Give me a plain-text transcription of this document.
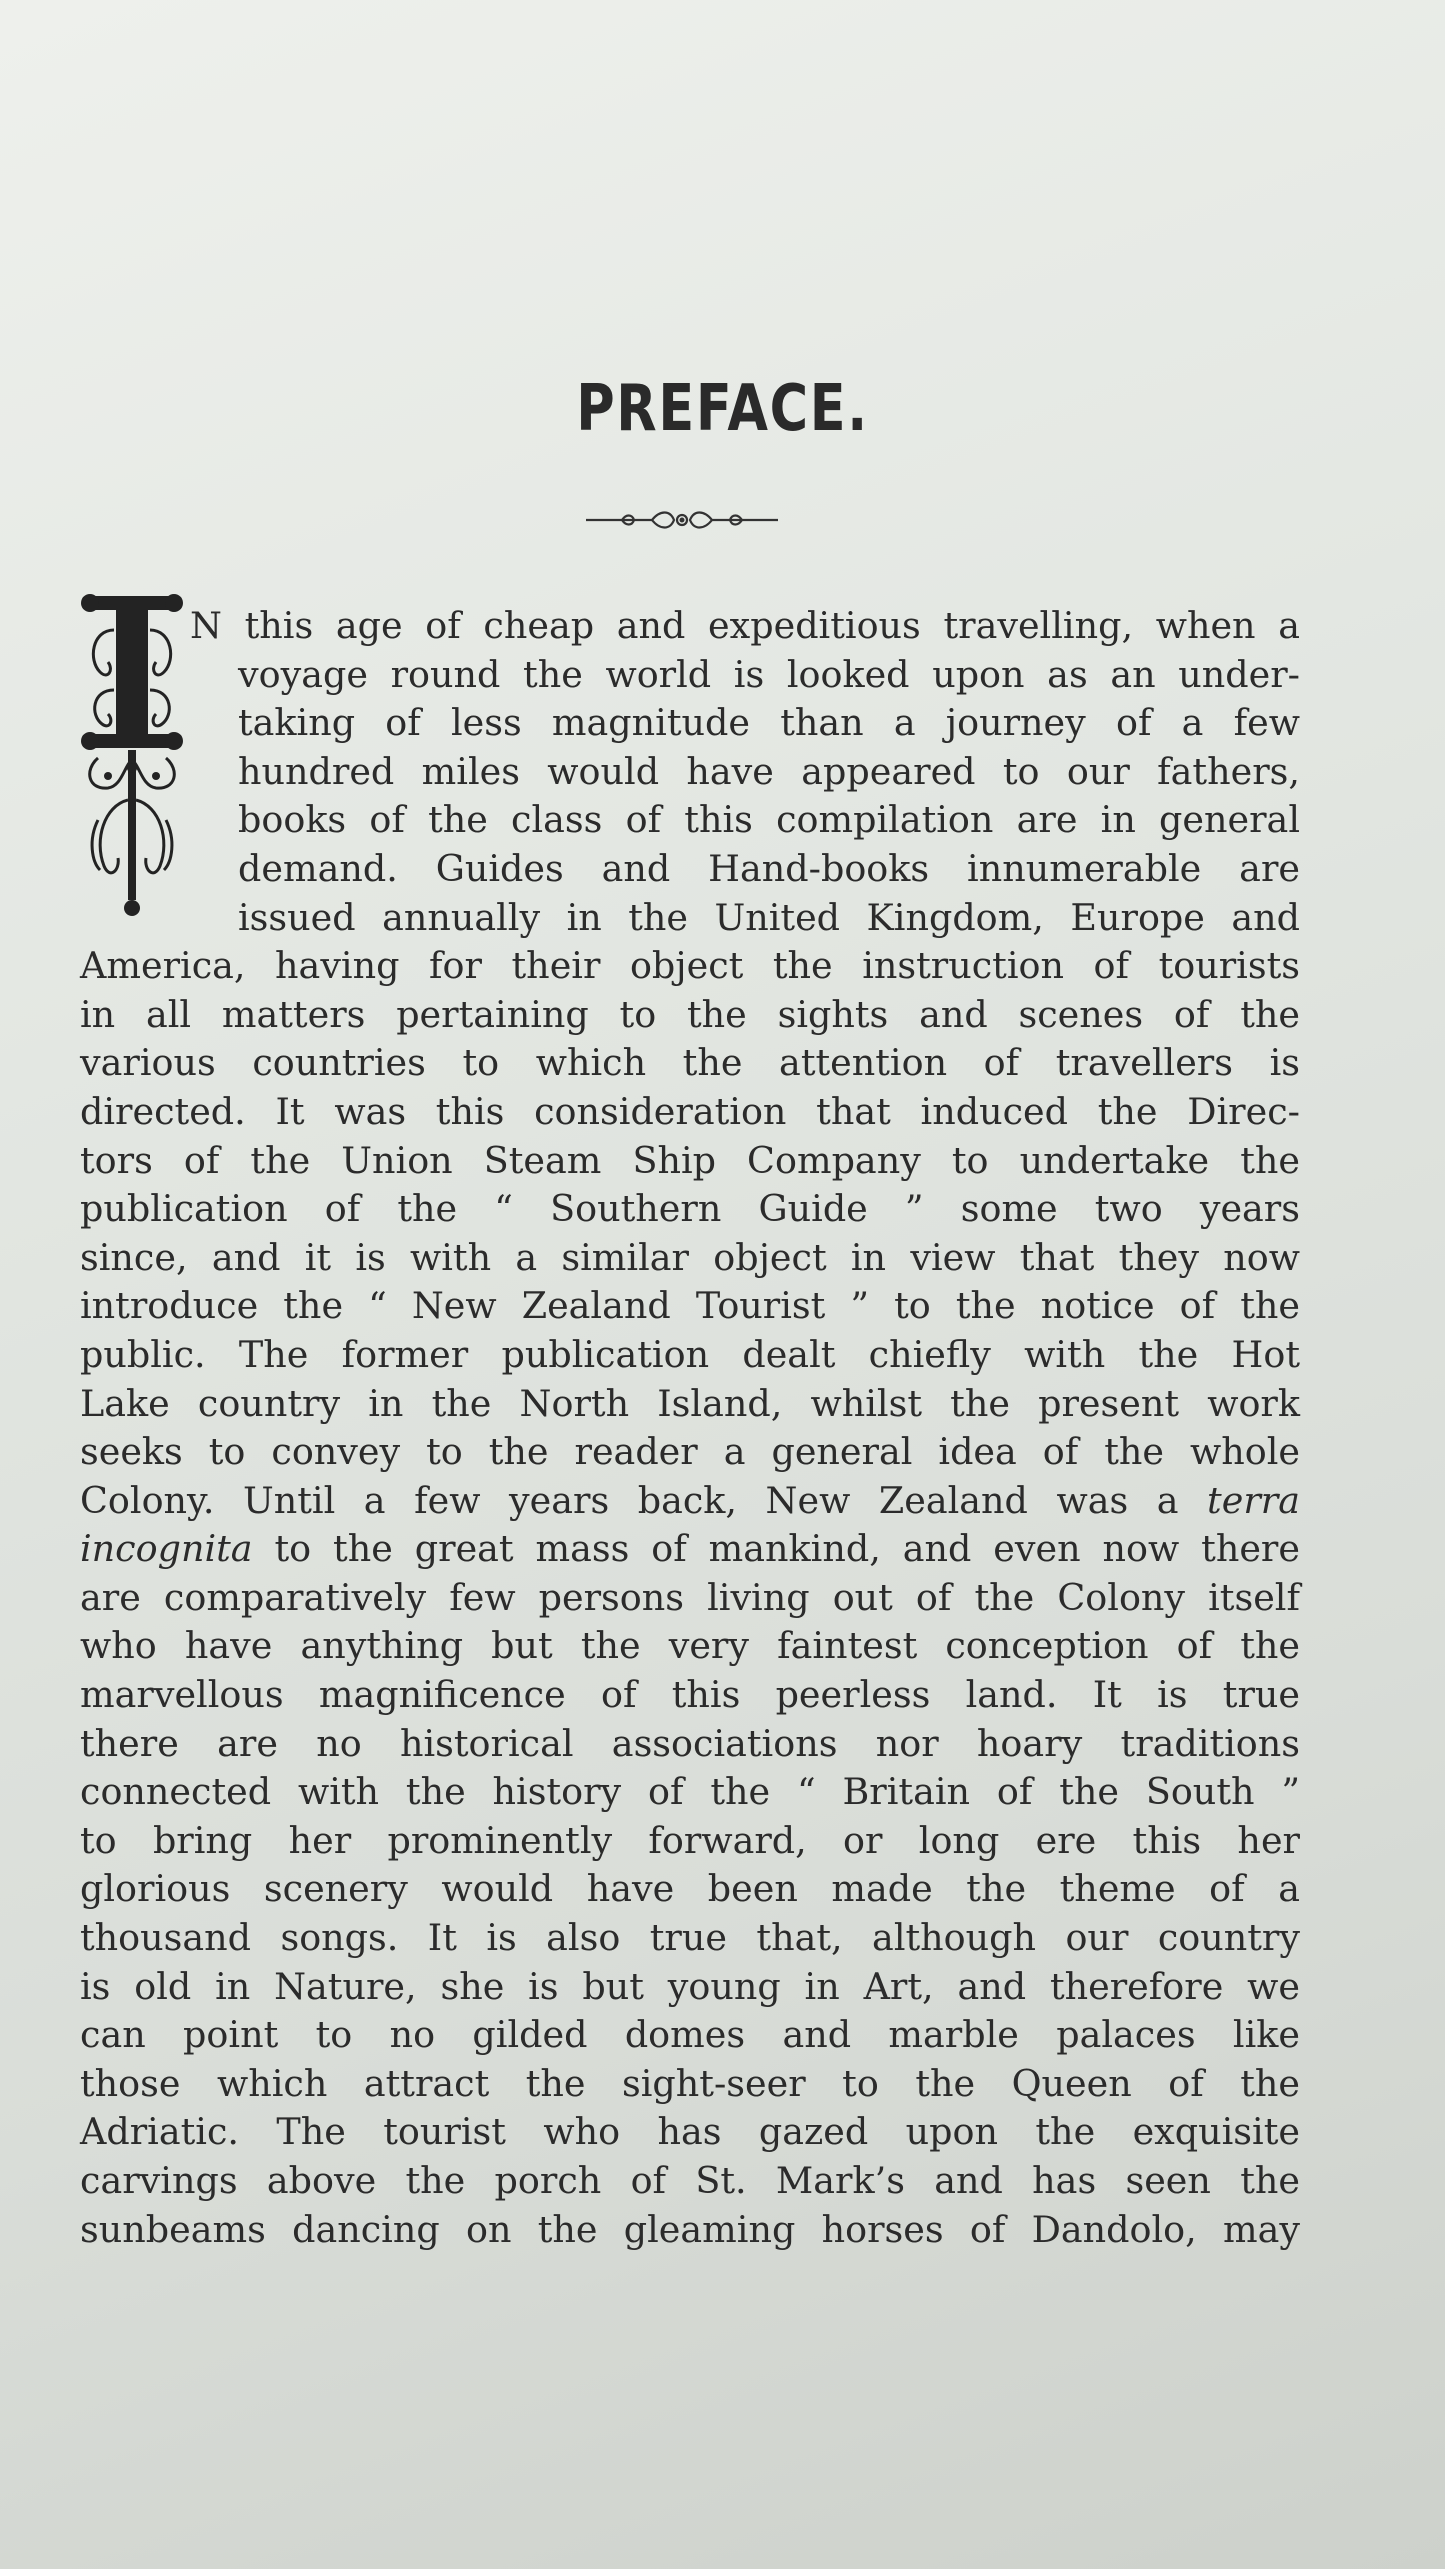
PREFACE.
N this age of cheap and expeditious travelling, when a
voyage round the world is looked upon as an under-
taking of less magnitude than a journey of a few
hundred miles would have appeared to our fathers,
books of the class of this compilation are in general
demand. Guides and Hand-books innumerable are
issued annually in the United Kingdom, Europe and
America, having for their object the instruction of tourists
in all matters pertaining to the sights and scenes of the
various countries to which the attention of travellers is
directed. It was this consideration that induced the Direc-
tors of the Union Steam Ship Company to undertake the
publication of the “ Southern Guide ” some two years
since, and it is with a similar object in view that they now
introduce the “ New Zealand Tourist ” to the notice of the
public. The former publication dealt chiefly with the Hot
Lake country in the North Island, whilst the present work
seeks to convey to the reader a general idea of the whole
Colony. Until a few years back, New Zealand was a terra
incognita to the great mass of mankind, and even now there
are comparatively few persons living out of the Colony itself
who have anything but the very faintest conception of the
marvellous magnificence of this peerless land. It is true
there are no historical associations nor hoary traditions
connected with the history of the “ Britain of the South ”
to bring her prominently forward, or long ere this her
glorious scenery would have been made the theme of a
thousand songs. It is also true that, although our country
is old in Nature, she is but young in Art, and therefore we
can point to no gilded domes and marble palaces like
those which attract the sight-seer to the Queen of the
Adriatic. The tourist who has gazed upon the exquisite
carvings above the porch of St. Mark’s and has seen the
sunbeams dancing on the gleaming horses of Dandolo, may
